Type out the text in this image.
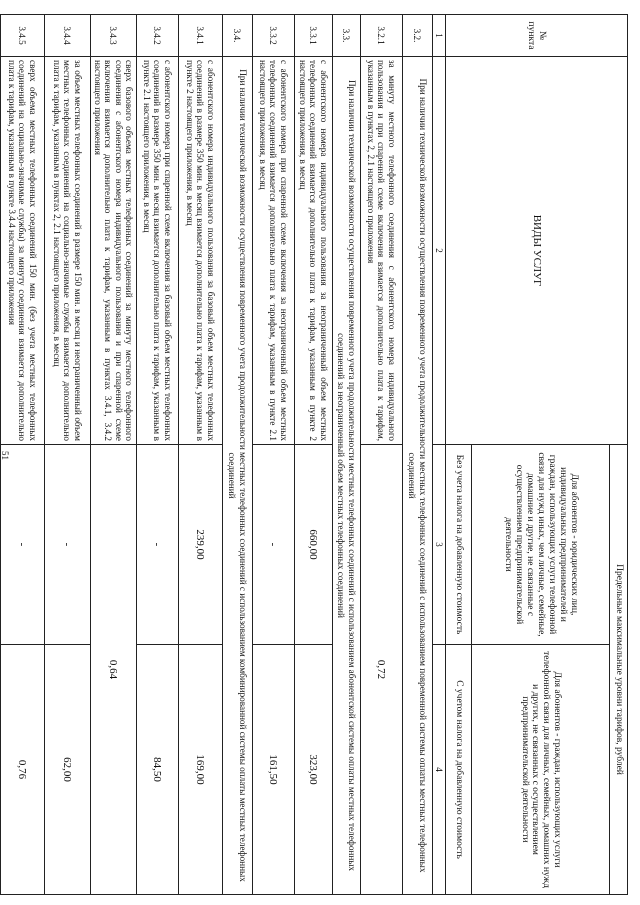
51
№ пункта	ВИДЫ УСЛУГ	Предельные максимальные уровни тарифов, рублей	
		Для абонентов - юридических лиц, индивидуальных предпринимателей и граждан, использующих услуги телефонной связи для нужд иных, чем личные, семейные, домашние и другие, не связанные с осуществлением предпринимательской деятельности	Для абонентов - граждан, использующих услуги телефонной связи для личных, семейных, домашних нужд и других, не связанных с осуществлением предпринимательской деятельности
		Без учета налога на добавленную стоимость	С учетом налога на добавленную стоимость
1	2	3	4
3.2.	При наличии технической возможности осуществления повременного учета продолжительности местных телефонных соединений с использованием повременной системы оплаты местных телефонных соединений		
3.2.1	за минуту местного телефонного соединения с абонентского номера индивидуального пользования и при спаренной схеме включения взимается дополнительно плата к тарифам, указанным в пунктах 2, 2.1 настоящего приложения	0,72	
3.3.	При наличии технической возможности осуществления повременного учета продолжительности местных телефонных соединений с использованием абонентской системы оплаты местных телефонных соединений за неограниченный объем местных телефонных соединений		
3.3.1	с абонентского номера индивидуального пользования за неограниченный объем местных телефонных соединений взимается дополнительно плата к тарифам, указанным в пункте 2 настоящего приложения, в месяц	660,00	323,00
3.3.2	с абонентского номера при спаренной схеме включения за неограниченный объем местных телефонных соединений взимается дополнительно плата к тарифам, указанным в пункте 2.1 настоящего приложения, в месяц	-	161,50
3.4.	При наличии технической возможности осуществления повременного учета продолжительности местных телефонных соединений с использованием комбинированной системы оплаты местных телефонных соединений		
3.4.1	с абонентского номера индивидуального пользования за базовый объем местных телефонных соединений в размере 350 мин. в месяц взимается дополнительно плата к тарифам, указанным в пункте 2 настоящего приложения, в месяц	239,00	169,00
3.4.2	с абонентского номера при спаренной схеме включения за базовый объем местных телефонных соединений в размере 350 мин. в месяц взимается дополнительно плата к тарифам, указанным в пункте 2.1 настоящего приложения, в месяц	-	84,50
3.4.3	сверх базового объема местных телефонных соединений за минуту местного телефонного соединения с абонентского номера индивидуального пользования и при спаренной схеме включения взимается дополнительно плата к тарифам, указанным в пунктах 3.4.1, 3.4.2 настоящего приложения	0,64	
3.4.4	за объем местных телефонных соединений в размере 150 мин. в месяц и неограниченный объем местных телефонных соединений на социально-значимые службы взимается дополнительно плата к тарифам, указанным в пунктах 2, 2.1 настоящего приложения, в месяц	-	62,00
3.4.5	сверх объема местных телефонных соединений 150 мин. (без учета местных телефонных соединений на социально-значимые службы) за минуту соединения взимается дополнительно плата к тарифам, указанным в пункте 3.4.4 настоящего приложения	-	0,76
